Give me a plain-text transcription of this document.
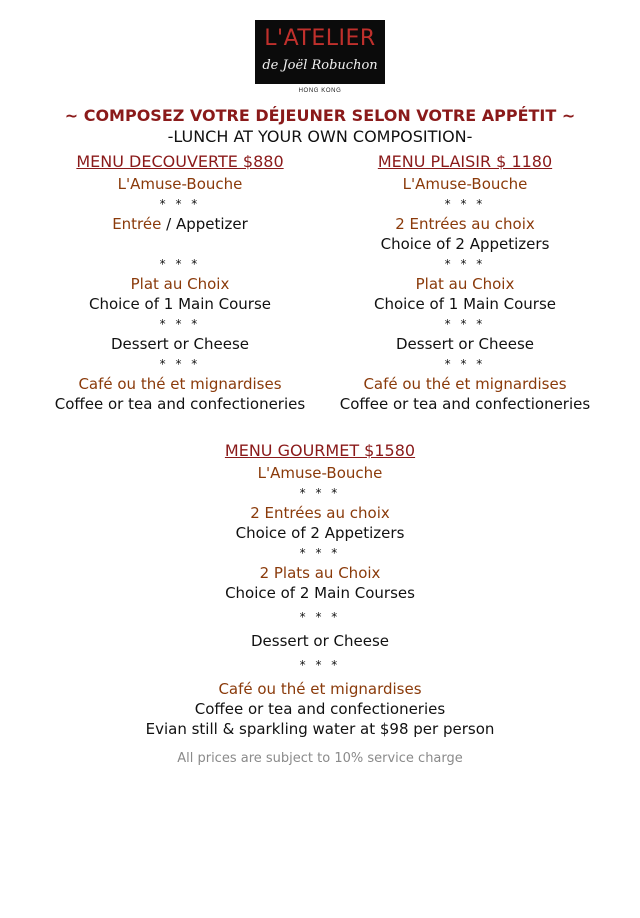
L'ATELIER
de Joël Robuchon
HONG KONG
~ COMPOSEZ VOTRE DÉJEUNER SELON VOTRE APPÉTIT ~
-LUNCH AT YOUR OWN COMPOSITION-
MENU DECOUVERTE $880
L'Amuse-Bouche
* * *
Entrée / Appetizer
* * *
Plat au Choix
Choice of 1 Main Course
* * *
Dessert or Cheese
* * *
Café ou thé et mignardises
Coffee or tea and confectioneries
MENU PLAISIR $ 1180
L'Amuse-Bouche
* * *
2 Entrées au choix
Choice of 2 Appetizers
* * *
Plat au Choix
Choice of 1 Main Course
* * *
Dessert or Cheese
* * *
Café ou thé et mignardises
Coffee or tea and confectioneries
MENU GOURMET $1580
L'Amuse-Bouche
* * *
2 Entrées au choix
Choice of 2 Appetizers
* * *
2 Plats au Choix
Choice of 2 Main Courses
* * *
Dessert or Cheese
* * *
Café ou thé et mignardises
Coffee or tea and confectioneries
Evian still & sparkling water at $98 per person
All prices are subject to 10% service charge
